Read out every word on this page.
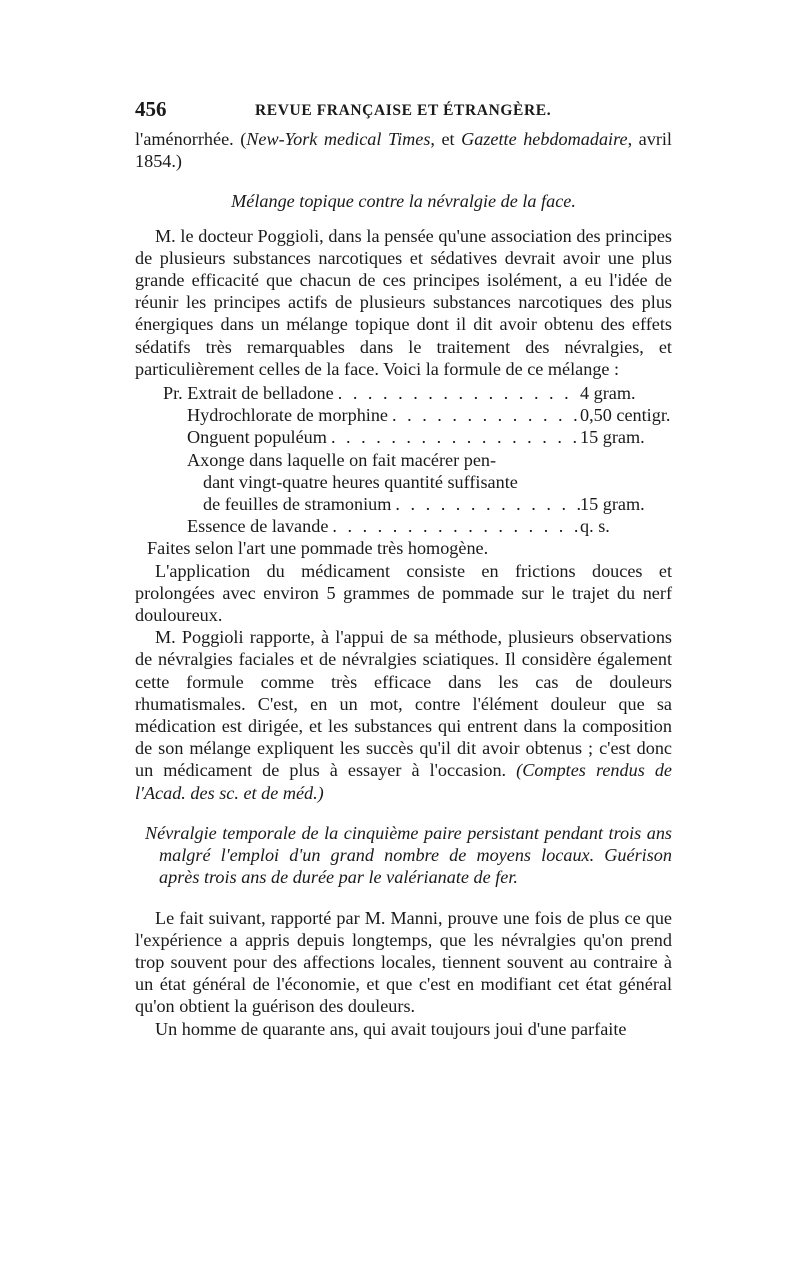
456	REVUE FRANÇAISE ET ÉTRANGÈRE.

l'aménorrhée. (New-York medical Times, et Gazette hebdomadaire, avril 1854.)

Mélange topique contre la névralgie de la face.

M. le docteur Poggioli, dans la pensée qu'une association des principes de plusieurs substances narcotiques et sédatives devrait avoir une plus grande efficacité que chacun de ces principes isolément, a eu l'idée de réunir les principes actifs de plusieurs substances narcotiques des plus énergiques dans un mélange topique dont il dit avoir obtenu des effets sédatifs très remarquables dans le traitement des névralgies, et particulièrement celles de la face. Voici la formule de ce mélange :

Pr. Extrait de belladone . . .	4 gram.
Hydrochlorate de morphine . . .	0,50 centigr.
Onguent populéum . . .	15 gram.
Axonge dans laquelle on fait macérer pen-
dant vingt-quatre heures quantité suffisante
de feuilles de stramonium . . .	15 gram.
Essence de lavande . . .	q. s.
Faites selon l'art une pommade très homogène.

L'application du médicament consiste en frictions douces et prolongées avec environ 5 grammes de pommade sur le trajet du nerf douloureux.

M. Poggioli rapporte, à l'appui de sa méthode, plusieurs observations de névralgies faciales et de névralgies sciatiques. Il considère également cette formule comme très efficace dans les cas de douleurs rhumatismales. C'est, en un mot, contre l'élément douleur que sa médication est dirigée, et les substances qui entrent dans la composition de son mélange expliquent les succès qu'il dit avoir obtenus ; c'est donc un médicament de plus à essayer à l'occasion. (Comptes rendus de l'Acad. des sc. et de méd.)

Névralgie temporale de la cinquième paire persistant pendant trois ans malgré l'emploi d'un grand nombre de moyens locaux. Guérison après trois ans de durée par le valérianate de fer.

Le fait suivant, rapporté par M. Manni, prouve une fois de plus ce que l'expérience a appris depuis longtemps, que les névralgies qu'on prend trop souvent pour des affections locales, tiennent souvent au contraire à un état général de l'économie, et que c'est en modifiant cet état général qu'on obtient la guérison des douleurs.

Un homme de quarante ans, qui avait toujours joui d'une parfaite
